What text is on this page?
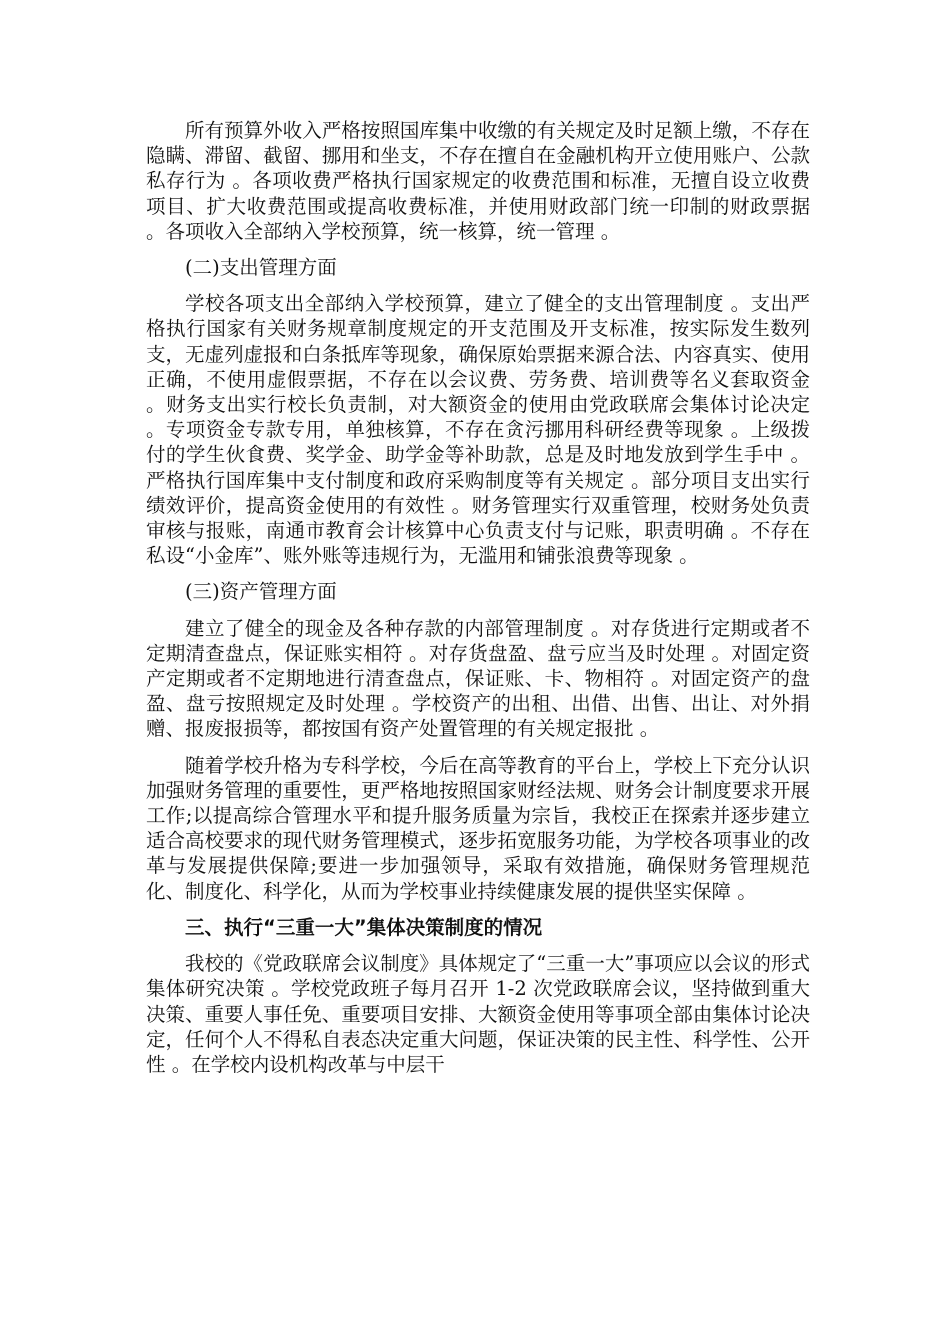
所有预算外收入严格按照国库集中收缴的有关规定及时足额上缴，不存在隐瞒、滞留、截留、挪用和坐支，不存在擅自在金融机构开立使用账户、公款私存行为 。各项收费严格执行国家规定的收费范围和标准，无擅自设立收费项目、扩大收费范围或提高收费标准，并使用财政部门统一印制的财政票据 。各项收入全部纳入学校预算，统一核算，统一管理 。

(二)支出管理方面

学校各项支出全部纳入学校预算，建立了健全的支出管理制度 。支出严格执行国家有关财务规章制度规定的开支范围及开支标准，按实际发生数列支，无虚列虚报和白条抵库等现象，确保原始票据来源合法、内容真实、使用正确，不使用虚假票据，不存在以会议费、劳务费、培训费等名义套取资金 。财务支出实行校长负责制，对大额资金的使用由党政联席会集体讨论决定 。专项资金专款专用，单独核算，不存在贪污挪用科研经费等现象 。上级拨付的学生伙食费、奖学金、助学金等补助款，总是及时地发放到学生手中 。严格执行国库集中支付制度和政府采购制度等有关规定 。部分项目支出实行绩效评价，提高资金使用的有效性 。财务管理实行双重管理，校财务处负责审核与报账，南通市教育会计核算中心负责支付与记账，职责明确 。不存在私设“小金库”、账外账等违规行为，无滥用和铺张浪费等现象 。

(三)资产管理方面

建立了健全的现金及各种存款的内部管理制度 。对存货进行定期或者不定期清查盘点，保证账实相符 。对存货盘盈、盘亏应当及时处理 。对固定资产定期或者不定期地进行清查盘点，保证账、卡、物相符 。对固定资产的盘盈、盘亏按照规定及时处理 。学校资产的出租、出借、出售、出让、对外捐赠、报废报损等，都按国有资产处置管理的有关规定报批 。

随着学校升格为专科学校，今后在高等教育的平台上，学校上下充分认识加强财务管理的重要性，更严格地按照国家财经法规、财务会计制度要求开展工作;以提高综合管理水平和提升服务质量为宗旨，我校正在探索并逐步建立适合高校要求的现代财务管理模式，逐步拓宽服务功能，为学校各项事业的改革与发展提供保障;要进一步加强领导，采取有效措施，确保财务管理规范化、制度化、科学化，从而为学校事业持续健康发展的提供坚实保障 。

三、执行“三重一大”集体决策制度的情况

我校的《党政联席会议制度》具体规定了“三重一大”事项应以会议的形式集体研究决策 。学校党政班子每月召开 1-2 次党政联席会议，坚持做到重大决策、重要人事任免、重要项目安排、大额资金使用等事项全部由集体讨论决定，任何个人不得私自表态决定重大问题，保证决策的民主性、科学性、公开性 。在学校内设机构改革与中层干
